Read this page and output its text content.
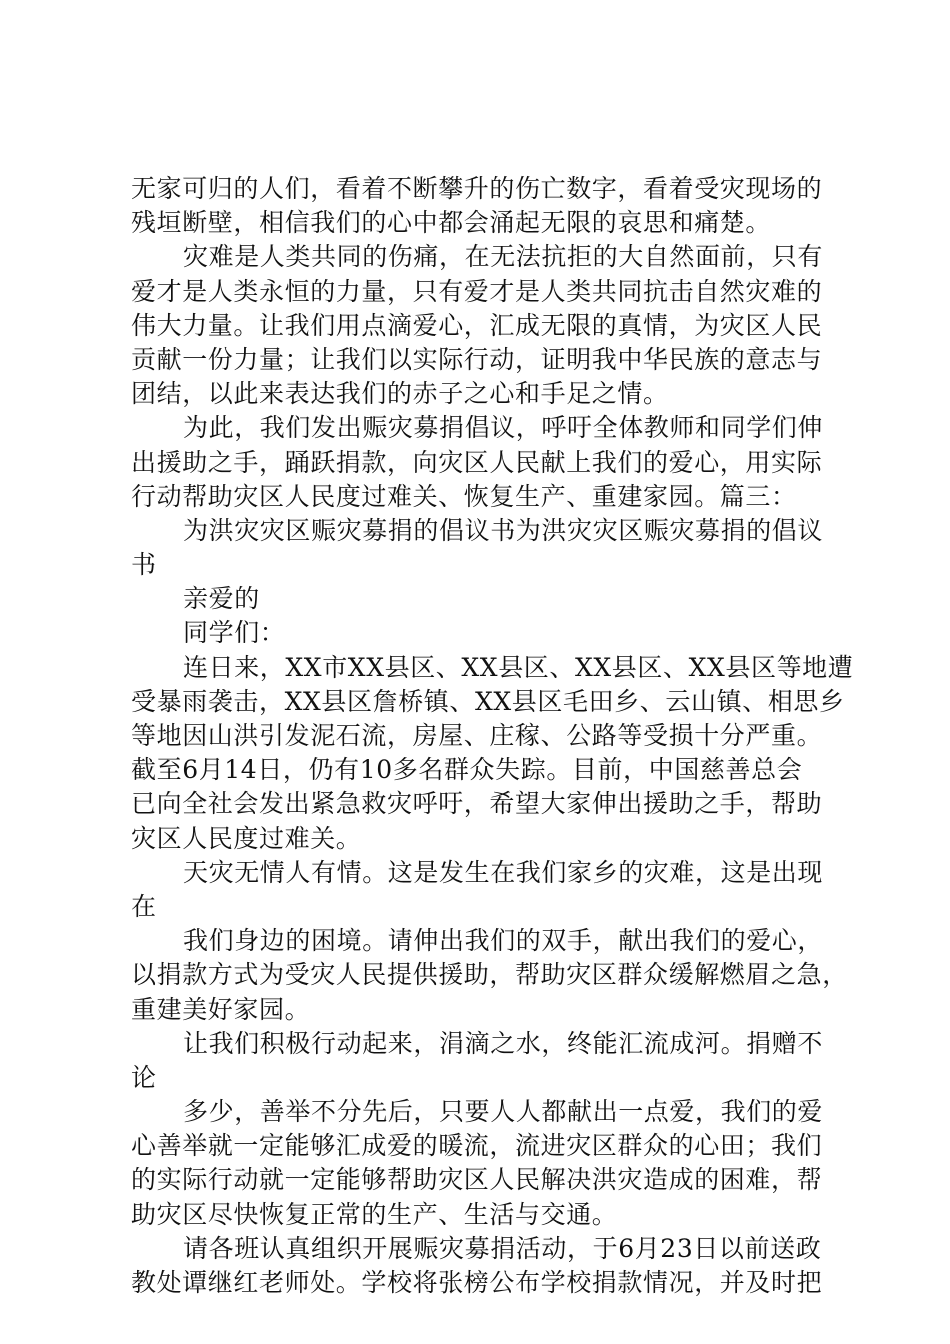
无家可归的人们，看着不断攀升的伤亡数字，看着受灾现场的
残垣断壁，相信我们的心中都会涌起无限的哀思和痛楚。
灾难是人类共同的伤痛，在无法抗拒的大自然面前，只有
爱才是人类永恒的力量，只有爱才是人类共同抗击自然灾难的
伟大力量。让我们用点滴爱心，汇成无限的真情，为灾区人民
贡献一份力量；让我们以实际行动，证明我中华民族的意志与
团结，以此来表达我们的赤子之心和手足之情。
为此，我们发出赈灾募捐倡议，呼吁全体教师和同学们伸
出援助之手，踊跃捐款，向灾区人民献上我们的爱心，用实际
行动帮助灾区人民度过难关、恢复生产、重建家园。篇三：
为洪灾灾区赈灾募捐的倡议书为洪灾灾区赈灾募捐的倡议
书
亲爱的
同学们：
连日来，XX市XX县区、XX县区、XX县区、XX县区等地遭
受暴雨袭击，XX县区詹桥镇、XX县区毛田乡、云山镇、相思乡
等地因山洪引发泥石流，房屋、庄稼、公路等受损十分严重。
截至6月14日，仍有10多名群众失踪。目前，中国慈善总会
已向全社会发出紧急救灾呼吁，希望大家伸出援助之手，帮助
灾区人民度过难关。
天灾无情人有情。这是发生在我们家乡的灾难，这是出现
在
我们身边的困境。请伸出我们的双手，献出我们的爱心，
以捐款方式为受灾人民提供援助，帮助灾区群众缓解燃眉之急，
重建美好家园。
让我们积极行动起来，涓滴之水，终能汇流成河。捐赠不
论
多少，善举不分先后，只要人人都献出一点爱，我们的爱
心善举就一定能够汇成爱的暖流，流进灾区群众的心田；我们
的实际行动就一定能够帮助灾区人民解决洪灾造成的困难，帮
助灾区尽快恢复正常的生产、生活与交通。
请各班认真组织开展赈灾募捐活动，于6月23日以前送政
教处谭继红老师处。学校将张榜公布学校捐款情况，并及时把
